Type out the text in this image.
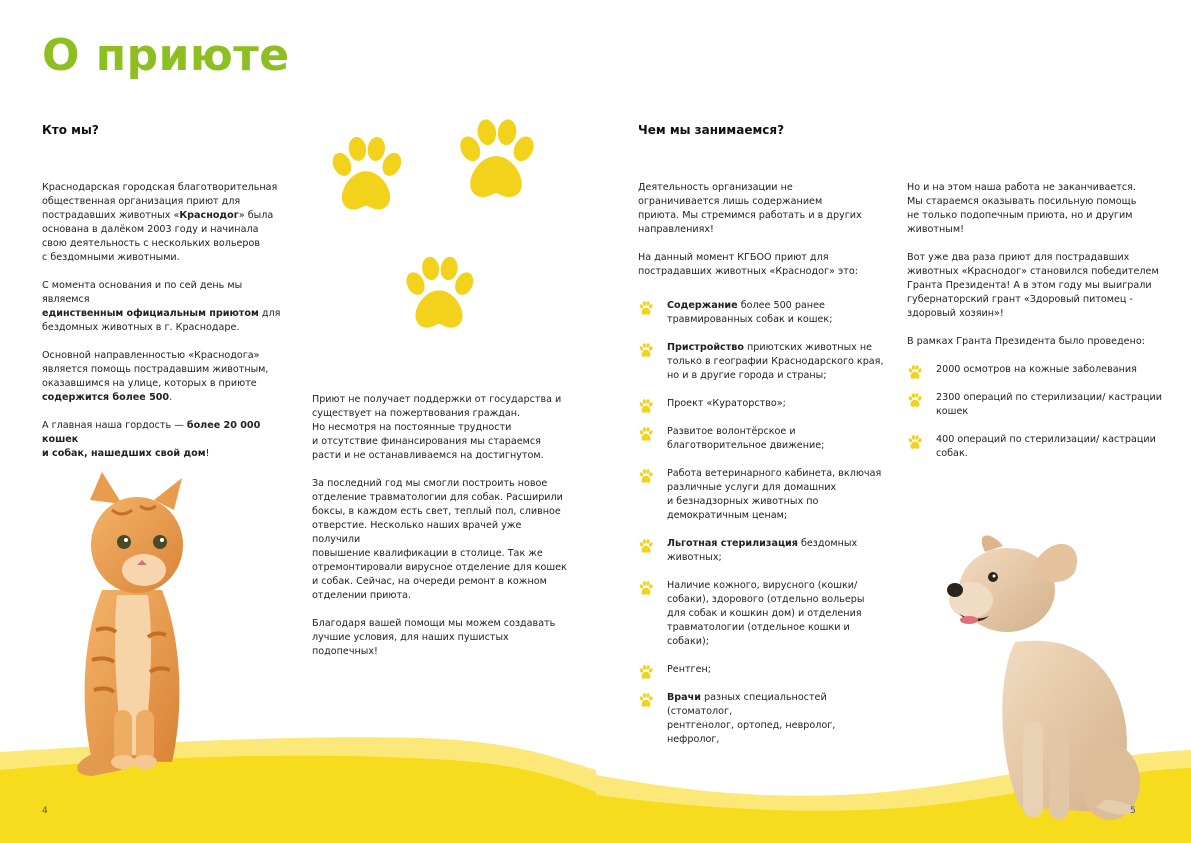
О приюте
Кто мы?

Краснодарская городская благотворительная
общественная организация приют для
пострадавших животных «Краснодог» была
основана в далёком 2003 году и начинала
свою деятельность с нескольких вольеров
с бездомными животными.

С момента основания и по сей день мы являемся
единственным официальным приютом для
бездомных животных в г. Краснодаре.

Основной направленностью «Краснодога»
является помощь пострадавшим животным,
оказавшимся на улице, которых в приюте
содержится более 500.

А главная наша гордость — более 20 000 кошек
и собак, нашедших свой дом!

Приют не получает поддержки от государства и
существует на пожертвования граждан.
Но несмотря на постоянные трудности
и отсутствие финансирования мы стараемся
расти и не останавливаемся на достигнутом.

За последний год мы смогли построить новое
отделение травматологии для собак. Расширили
боксы, в каждом есть свет, теплый пол, сливное
отверстие. Несколько наших врачей уже получили
повышение квалификации в столице. Так же
отремонтировали вирусное отделение для кошек
и собак. Сейчас, на очереди ремонт в кожном
отделении приюта.

Благодаря вашей помощи мы можем создавать
лучшие условия, для наших пушистых
подопечных!

4
Чем мы занимаемся?

Деятельность организации не
ограничивается лишь содержанием
приюта. Мы стремимся работать и в других
направлениях!

На данный момент КГБОО приют для
пострадавших животных «Краснодог» это:

Содержание более 500 ранее
травмированных собак и кошек;
Пристройство приютских животных не
только в географии Краснодарского края,
но и в другие города и страны;
Проект «Кураторство»;
Развитое волонтёрское и
благотворительное движение;
Работа ветеринарного кабинета, включая
различные услуги для домашних
и безнадзорных животных по
демократичным ценам;
Льготная стерилизация бездомных
животных;
Наличие кожного, вирусного (кошки/
собаки), здорового (отдельно вольеры
для собак и кошкин дом) и отделения
травматологии (отдельное кошки и собаки);
Рентген;
Врачи разных специальностей (стоматолог,
рентгенолог, ортопед, невролог, нефролог,

Но и на этом наша работа не заканчивается.
Мы стараемся оказывать посильную помощь
не только подопечным приюта, но и другим
животным!

Вот уже два раза приют для пострадавших
животных «Краснодог» становился победителем
Гранта Президента! А в этом году мы выиграли
губернаторский грант «Здоровый питомец -
здоровый хозяин»!

В рамках Гранта Президента было проведено:

2000 осмотров на кожные заболевания
2300 операций по стерилизации/ кастрации
кошек
400 операций по стерилизации/ кастрации
собак.
5
